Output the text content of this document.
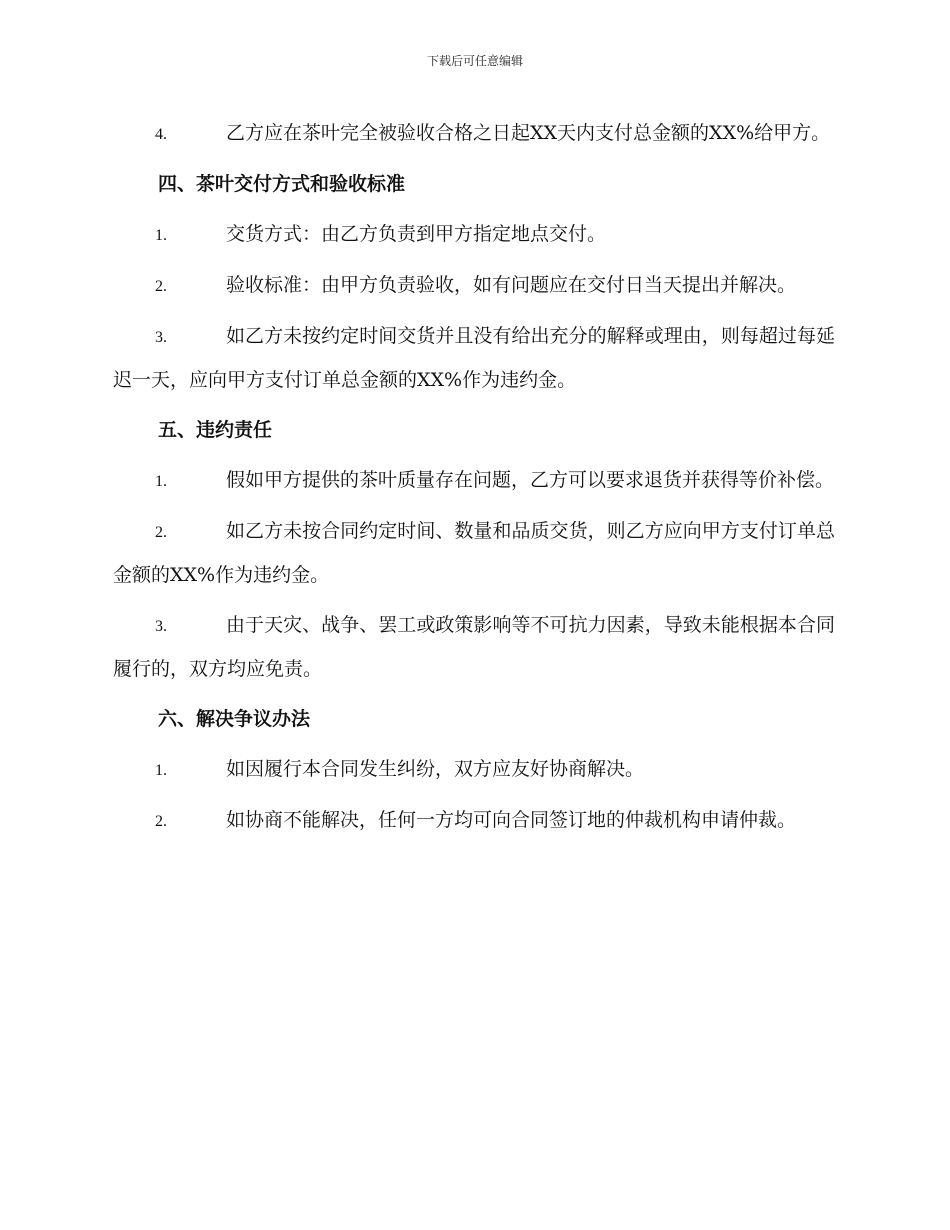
下载后可任意编辑

4.	乙方应在茶叶完全被验收合格之日起XX天内支付总金额的XX%给甲方。

四、茶叶交付方式和验收标准

1.	交货方式：由乙方负责到甲方指定地点交付。

2.	验收标准：由甲方负责验收，如有问题应在交付日当天提出并解决。

3.	如乙方未按约定时间交货并且没有给出充分的解释或理由，则每超过每延迟一天，应向甲方支付订单总金额的XX%作为违约金。

五、违约责任

1.	假如甲方提供的茶叶质量存在问题，乙方可以要求退货并获得等价补偿。

2.	如乙方未按合同约定时间、数量和品质交货，则乙方应向甲方支付订单总金额的XX%作为违约金。

3.	由于天灾、战争、罢工或政策影响等不可抗力因素，导致未能根据本合同履行的，双方均应免责。

六、解决争议办法

1.	如因履行本合同发生纠纷，双方应友好协商解决。

2.	如协商不能解决，任何一方均可向合同签订地的仲裁机构申请仲裁。
